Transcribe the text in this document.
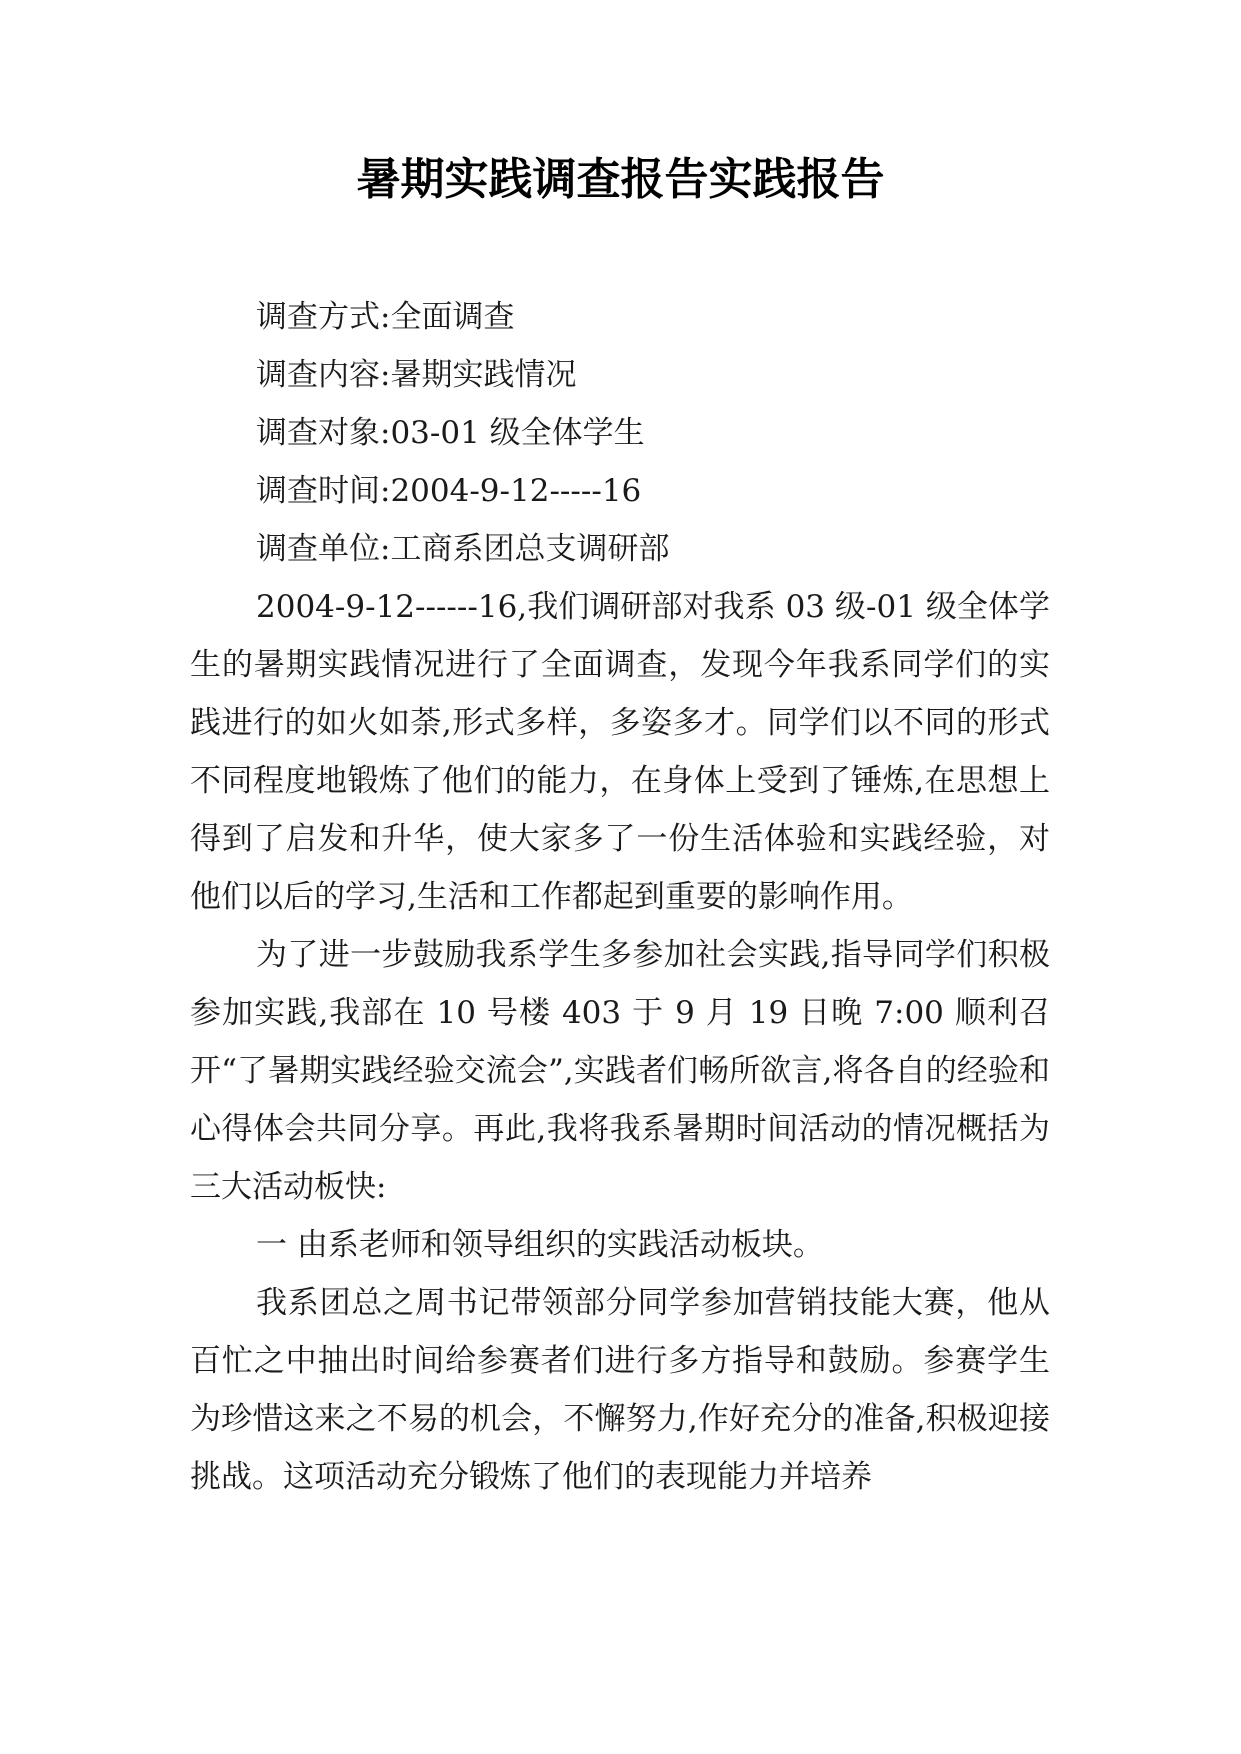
暑期实践调查报告实践报告

调查方式:全面调查

调查内容:暑期实践情况

调查对象:03-01 级全体学生

调查时间:2004-9-12-----16

调查单位:工商系团总支调研部

2004-9-12------16,我们调研部对我系 03 级-01 级全体学生的暑期实践情况进行了全面调查，发现今年我系同学们的实践进行的如火如荼,形式多样，多姿多才。同学们以不同的形式不同程度地锻炼了他们的能力，在身体上受到了锤炼,在思想上得到了启发和升华，使大家多了一份生活体验和实践经验，对他们以后的学习,生活和工作都起到重要的影响作用。

为了进一步鼓励我系学生多参加社会实践,指导同学们积极参加实践,我部在 10 号楼 403 于 9 月 19 日晚 7:00 顺利召开“了暑期实践经验交流会”,实践者们畅所欲言,将各自的经验和心得体会共同分享。再此,我将我系暑期时间活动的情况概括为三大活动板快:

一 由系老师和领导组织的实践活动板块。

我系团总之周书记带领部分同学参加营销技能大赛，他从百忙之中抽出时间给参赛者们进行多方指导和鼓励。参赛学生为珍惜这来之不易的机会，不懈努力,作好充分的准备,积极迎接挑战。这项活动充分锻炼了他们的表现能力并培养
